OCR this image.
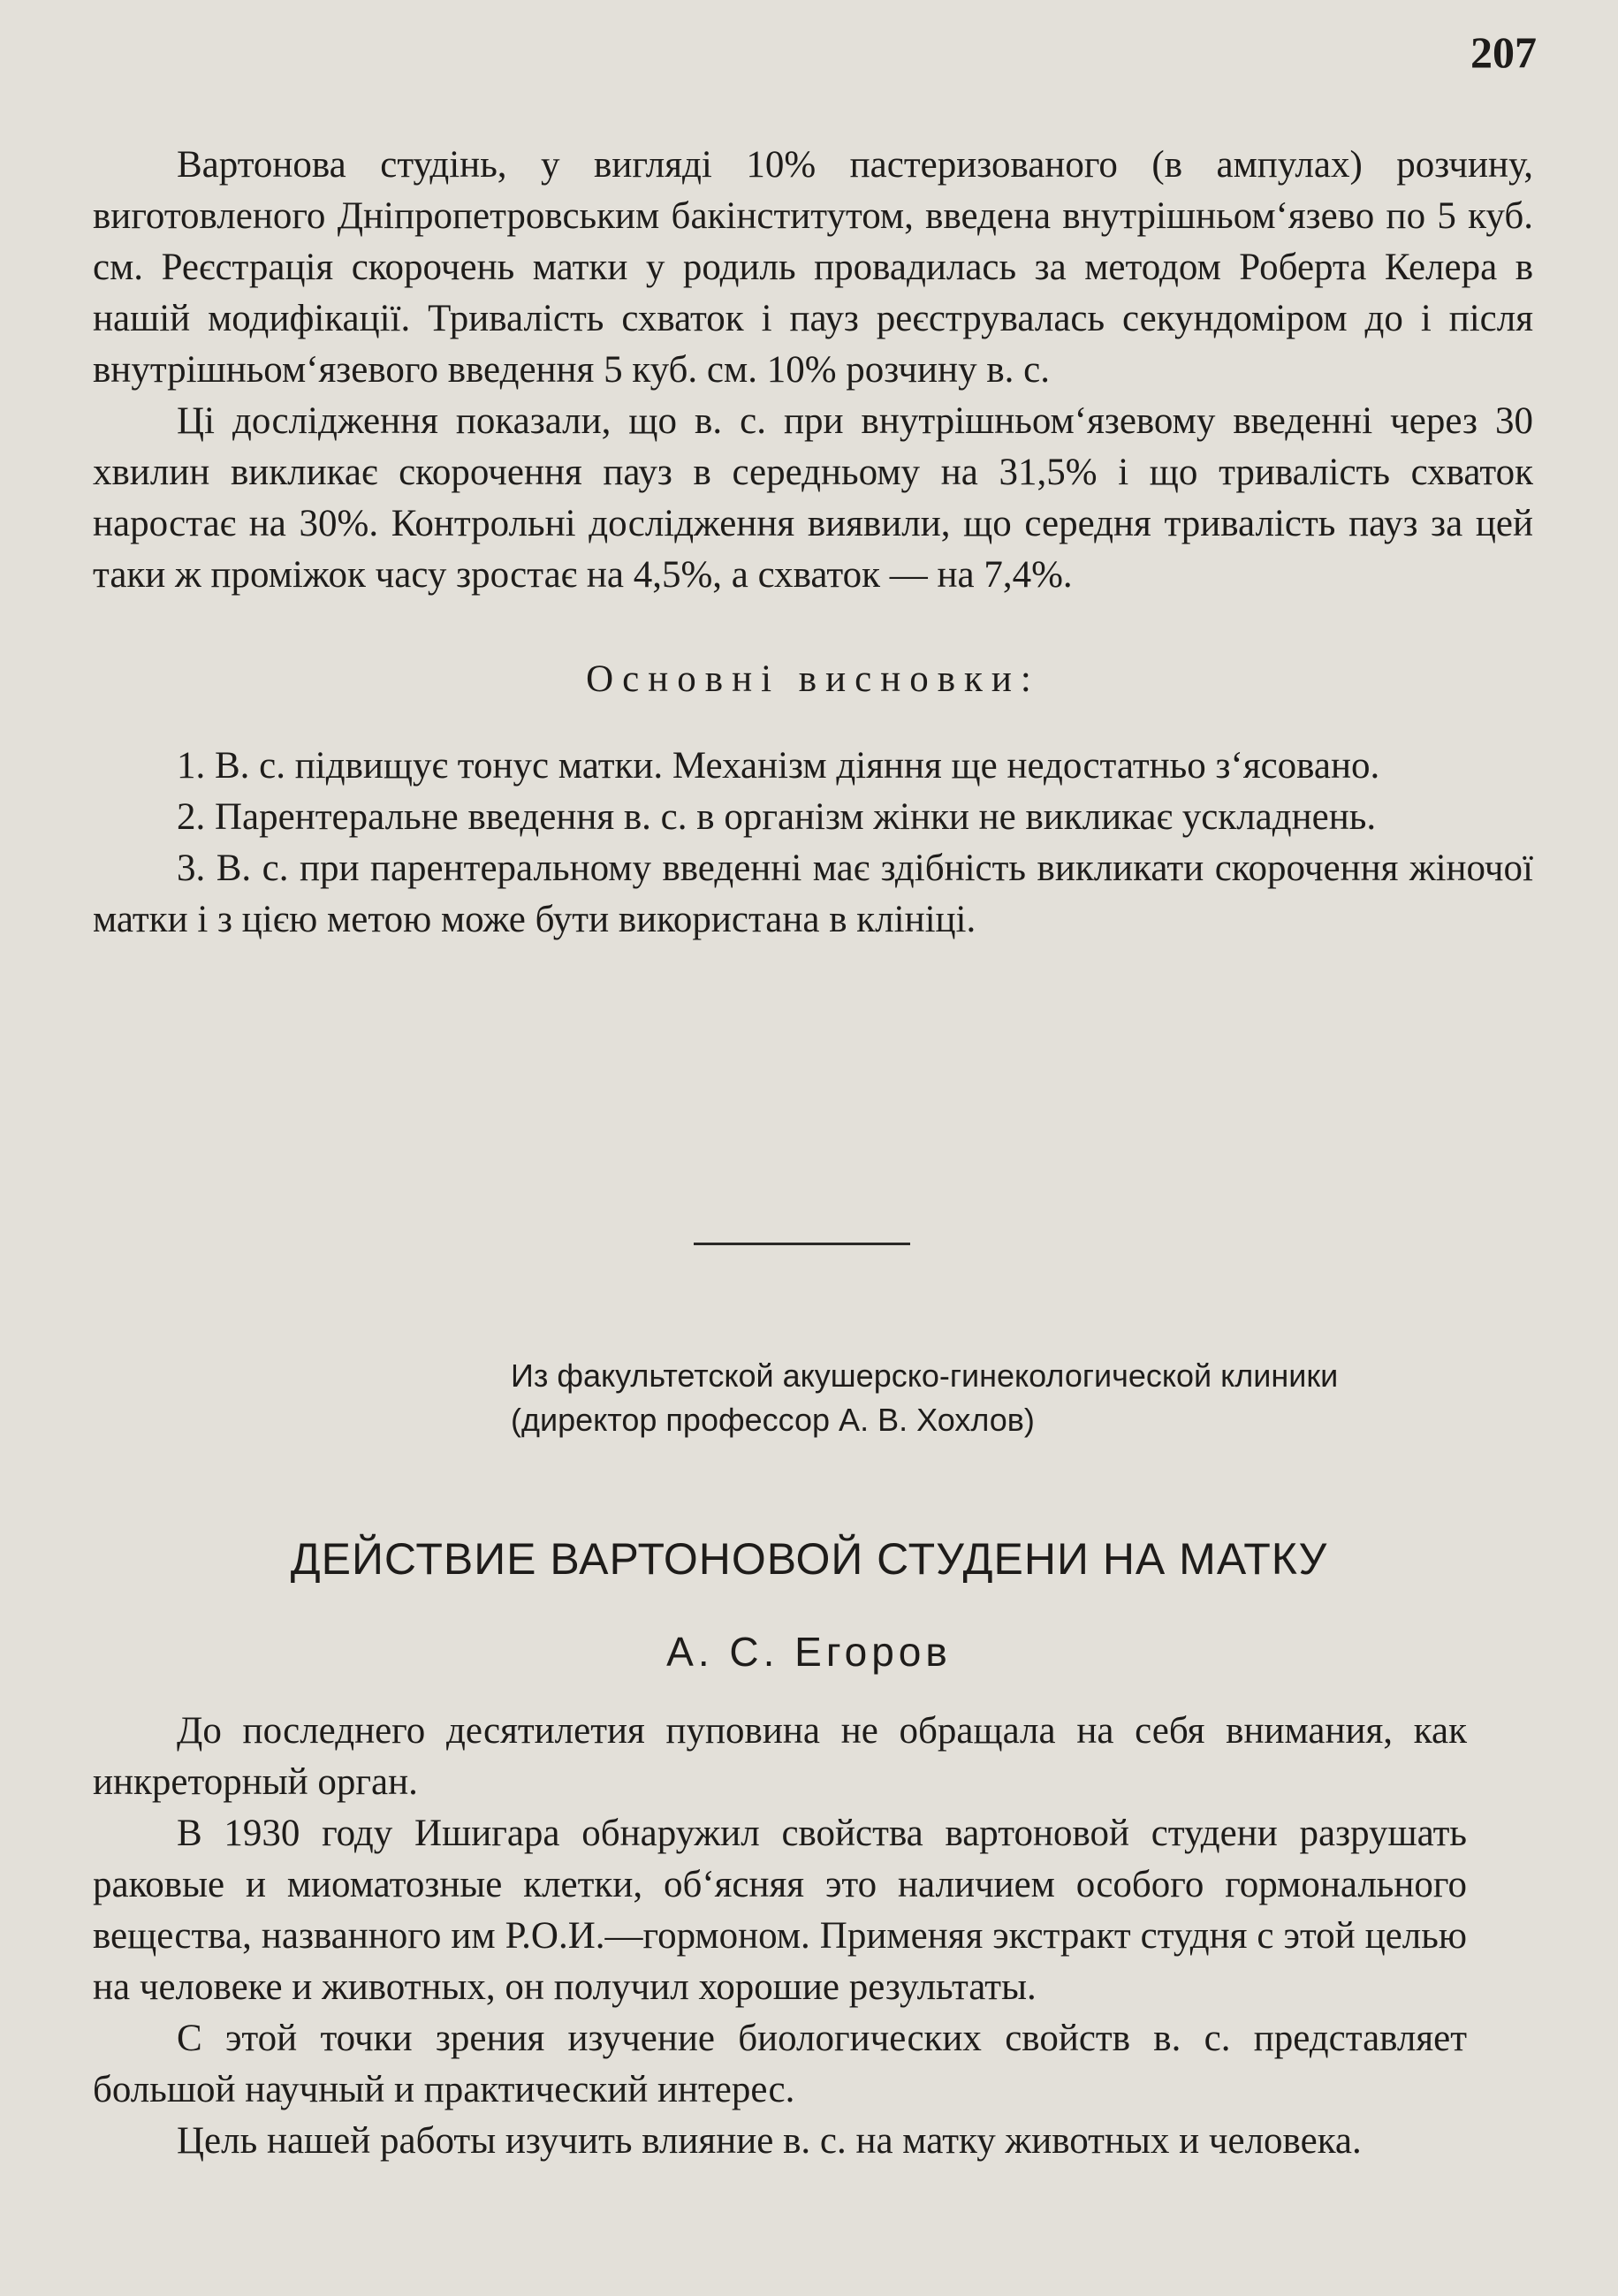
207

Вартонова студінь, у вигляді 10% пастеризованого (в ампулах) розчину, виготовленого Дніпропетровським бакінститутом, введена внутрішньом‘язево по 5 куб. см. Реєстрація скорочень матки у родиль провадилась за методом Роберта Келера в нашій модифікації. Тривалість схваток і пауз реєструвалась секундоміром до і після внутрішньом‘язевого введення 5 куб. см. 10% розчину в. с.

Ці дослідження показали, що в. с. при внутрішньом‘язевому введенні через 30 хвилин викликає скорочення пауз в середньому на 31,5% і що тривалість схваток наростає на 30%. Контрольні дослідження виявили, що середня тривалість пауз за цей таки ж проміжок часу зростає на 4,5%, а схваток — на 7,4%.

Основні висновки:
1. В. с. підвищує тонус матки. Механізм діяння ще недостатньо з‘ясовано.
2. Парентеральне введення в. с. в організм жінки не викликає ускладнень.
3. В. с. при парентеральному введенні має здібність викликати скорочення жіночої матки і з цією метою може бути використана в клініці.
Из факультетской акушерско-гинекологической клиники
(директор профессор А. В. Хохлов)
ДЕЙСТВИЕ ВАРТОНОВОЙ СТУДЕНИ НА МАТКУ
А. С. Егоров

До последнего десятилетия пуповина не обращала на себя внимания, как инкреторный орган.

В 1930 году Ишигара обнаружил свойства вартоновой студени разрушать раковые и миоматозные клетки, об‘ясняя это наличием особого гормонального вещества, названного им Р.О.И.—гормоном. Применяя экстракт студня с этой целью на человеке и животных, он получил хорошие результаты.

С этой точки зрения изучение биологических свойств в. с. представляет большой научный и практический интерес.

Цель нашей работы изучить влияние в. с. на матку животных и человека.
